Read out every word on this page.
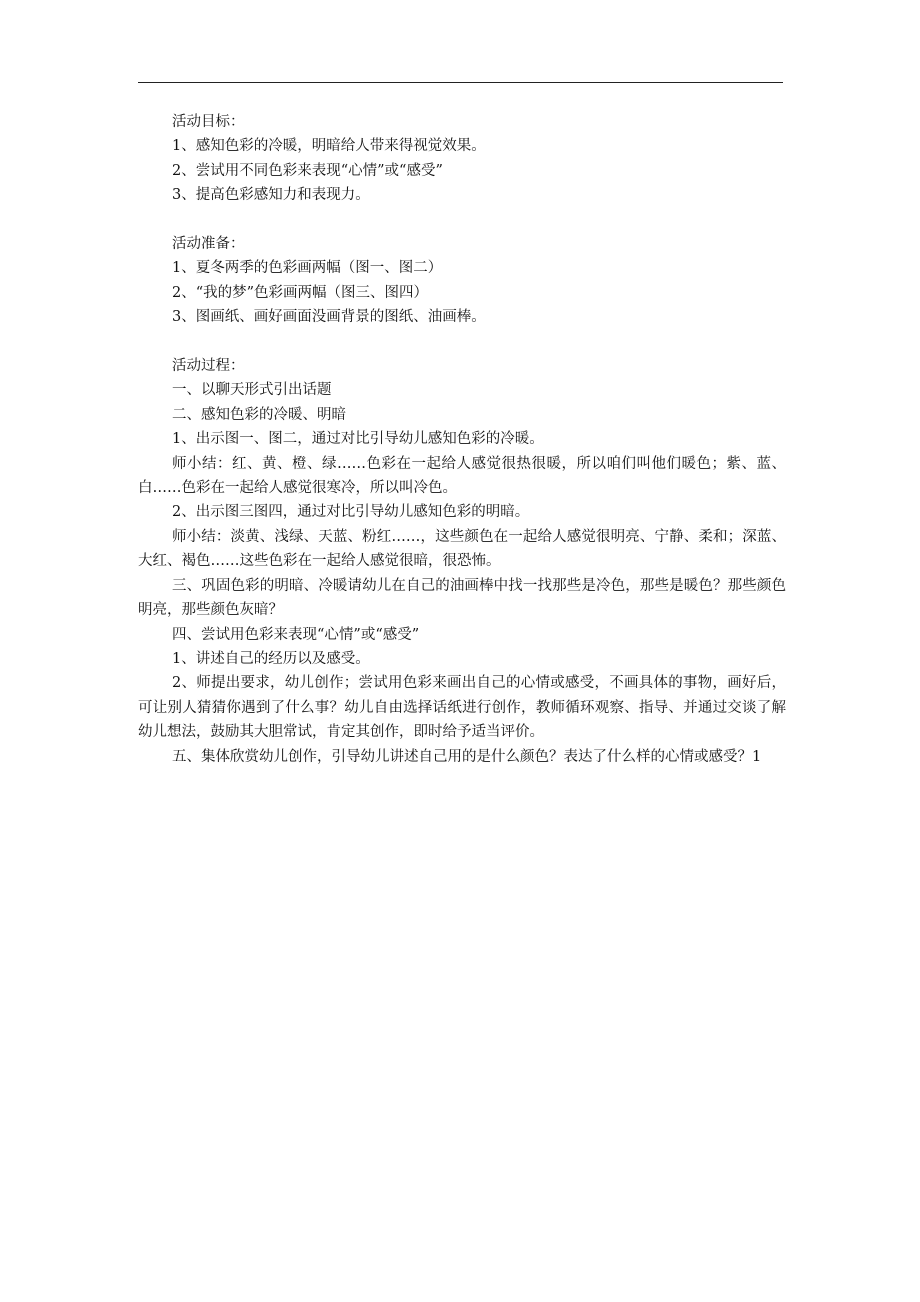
活动目标：

1、感知色彩的冷暖，明暗给人带来得视觉效果。

2、尝试用不同色彩来表现“心情”或“感受”

3、提高色彩感知力和表现力。

活动准备：

1、夏冬两季的色彩画两幅（图一、图二）

2、“我的梦”色彩画两幅（图三、图四）

3、图画纸、画好画面没画背景的图纸、油画棒。

活动过程：

一、以聊天形式引出话题

二、感知色彩的冷暖、明暗

1、出示图一、图二，通过对比引导幼儿感知色彩的冷暖。

师小结：红、黄、橙、绿……色彩在一起给人感觉很热很暖，所以咱们叫他们暖色；紫、蓝、白……色彩在一起给人感觉很寒冷，所以叫冷色。

2、出示图三图四，通过对比引导幼儿感知色彩的明暗。

师小结：淡黄、浅绿、天蓝、粉红……，这些颜色在一起给人感觉很明亮、宁静、柔和；深蓝、大红、褐色……这些色彩在一起给人感觉很暗，很恐怖。

三、巩固色彩的明暗、冷暖请幼儿在自己的油画棒中找一找那些是冷色，那些是暖色？那些颜色明亮，那些颜色灰暗？

四、尝试用色彩来表现“心情”或“感受”

1、讲述自己的经历以及感受。

2、师提出要求，幼儿创作；尝试用色彩来画出自己的心情或感受，不画具体的事物，画好后，可让别人猜猜你遇到了什么事？幼儿自由选择话纸进行创作，教师循环观察、指导、并通过交谈了解幼儿想法，鼓励其大胆常试，肯定其创作，即时给予适当评价。

五、集体欣赏幼儿创作，引导幼儿讲述自己用的是什么颜色？表达了什么样的心情或感受？1
